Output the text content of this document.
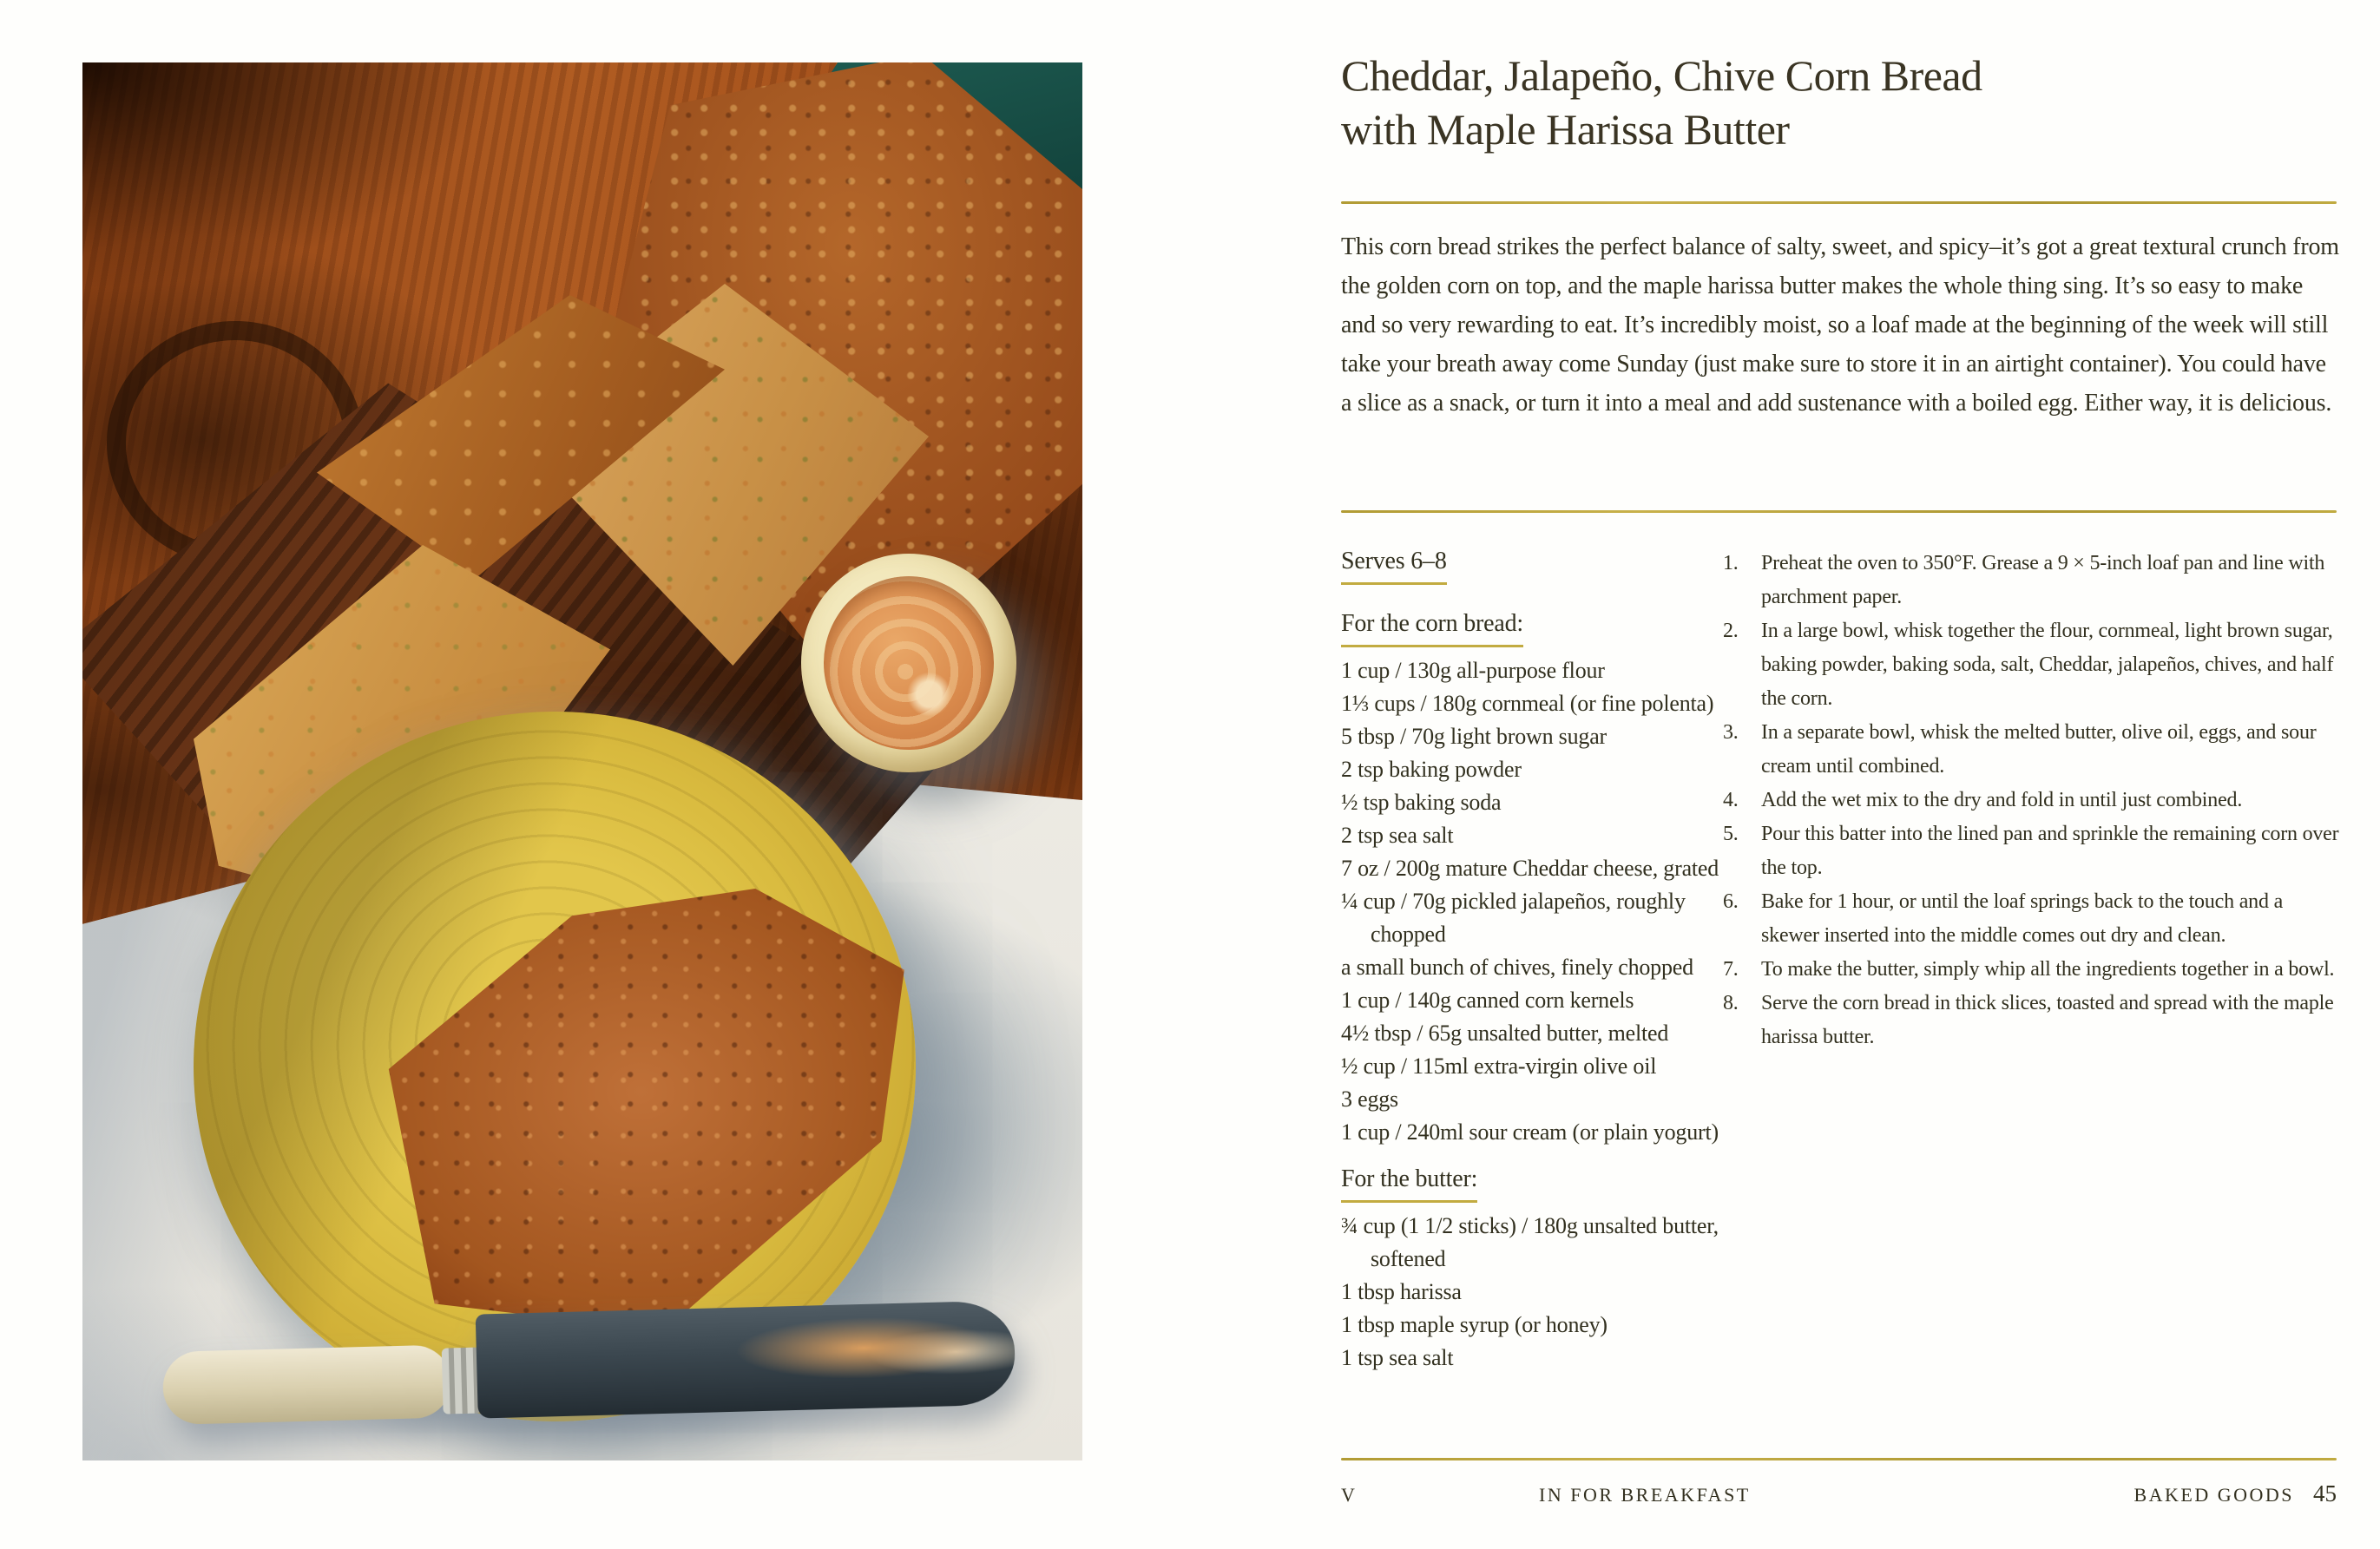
Cheddar, Jalapeño, Chive Corn Bread
with Maple Harissa Butter

This corn bread strikes the perfect balance of salty, sweet, and spicy–it’s got a great textural crunch from the golden corn on top, and the maple harissa butter makes the whole thing sing. It’s so easy to make and so very rewarding to eat. It’s incredibly moist, so a loaf made at the beginning of the week will still take your breath away come Sunday (just make sure to store it in an airtight container). You could have a slice as a snack, or turn it into a meal and add sustenance with a boiled egg. Either way, it is delicious.

Serves 6–8
For the corn bread:
1 cup / 130g all-purpose flour
1⅓ cups / 180g cornmeal (or fine polenta)
5 tbsp / 70g light brown sugar
2 tsp baking powder
½ tsp baking soda
2 tsp sea salt
7 oz / 200g mature Cheddar cheese, grated
¼ cup / 70g pickled jalapeños, roughly chopped
a small bunch of chives, finely chopped
1 cup / 140g canned corn kernels
4½ tbsp / 65g unsalted butter, melted
½ cup / 115ml extra-virgin olive oil
3 eggs
1 cup / 240ml sour cream (or plain yogurt)
For the butter:
¾ cup (1 1/2 sticks) / 180g unsalted butter, softened
1 tbsp harissa
1 tbsp maple syrup (or honey)
1 tsp sea salt
1.	Preheat the oven to 350°F. Grease a 9 × 5-inch loaf pan and line with parchment paper.
2.	In a large bowl, whisk together the flour, cornmeal, light brown sugar, baking powder, baking soda, salt, Cheddar, jalapeños, chives, and half the corn.
3.	In a separate bowl, whisk the melted butter, olive oil, eggs, and sour cream until combined.
4.	Add the wet mix to the dry and fold in until just combined.
5.	Pour this batter into the lined pan and sprinkle the remaining corn over the top.
6.	Bake for 1 hour, or until the loaf springs back to the touch and a skewer inserted into the middle comes out dry and clean.
7.	To make the butter, simply whip all the ingredients together in a bowl.
8.	Serve the corn bread in thick slices, toasted and spread with the maple harissa butter.
V	IN FOR BREAKFAST	BAKED GOODS 45
